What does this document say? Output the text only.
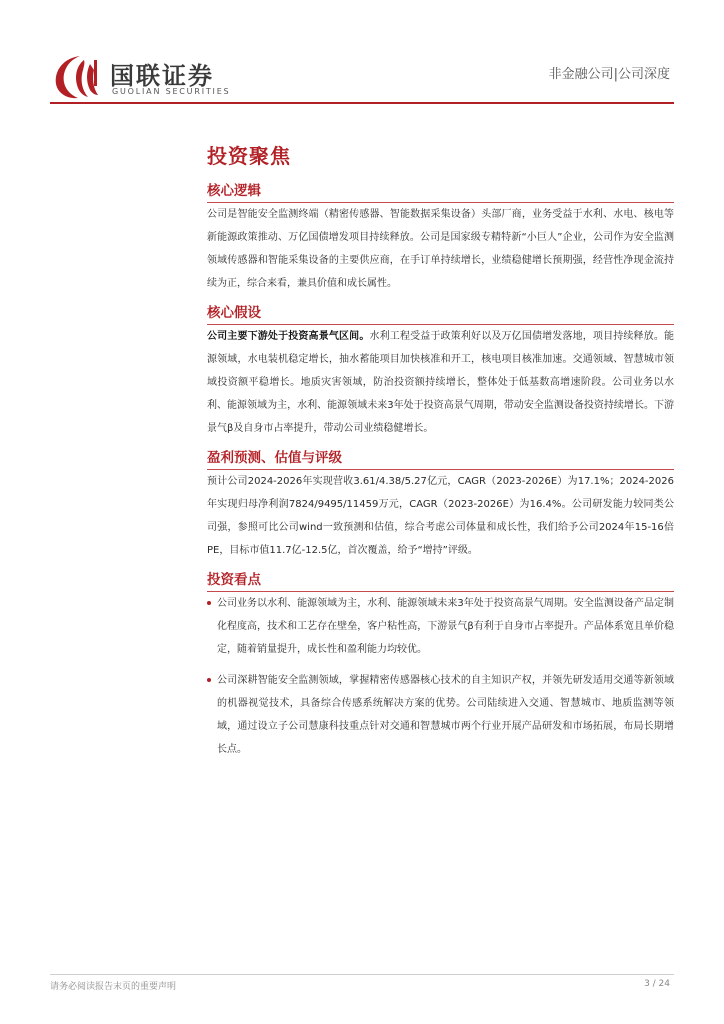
国联证券
GUOLIAN SECURITIES
非金融公司|公司深度
投资聚焦
核心逻辑

公司是智能安全监测终端（精密传感器、智能数据采集设备）头部厂商，业务受益于水利、水电、核电等新能源政策推动、万亿国债增发项目持续释放。公司是国家级专精特新“小巨人”企业，公司作为安全监测领域传感器和智能采集设备的主要供应商，在手订单持续增长，业绩稳健增长预期强，经营性净现金流持续为正，综合来看，兼具价值和成长属性。

核心假设

公司主要下游处于投资高景气区间。水利工程受益于政策利好以及万亿国债增发落地，项目持续释放。能源领域，水电装机稳定增长，抽水蓄能项目加快核准和开工，核电项目核准加速。交通领域、智慧城市领域投资额平稳增长。地质灾害领域，防治投资额持续增长，整体处于低基数高增速阶段。公司业务以水利、能源领域为主，水利、能源领域未来3年处于投资高景气周期，带动安全监测设备投资持续增长。下游景气β及自身市占率提升，带动公司业绩稳健增长。

盈利预测、估值与评级

预计公司2024-2026年实现营收3.61/4.38/5.27亿元，CAGR（2023-2026E）为17.1%；2024-2026年实现归母净利润7824/9495/11459万元，CAGR（2023-2026E）为16.4%。公司研发能力较同类公司强，参照可比公司wind一致预测和估值，综合考虑公司体量和成长性，我们给予公司2024年15-16倍PE，目标市值11.7亿-12.5亿，首次覆盖，给予“增持”评级。

投资看点
公司业务以水利、能源领域为主，水利、能源领域未来3年处于投资高景气周期。安全监测设备产品定制化程度高，技术和工艺存在壁垒，客户粘性高，下游景气β有利于自身市占率提升。产品体系宽且单价稳定，随着销量提升，成长性和盈利能力均较优。
公司深耕智能安全监测领域，掌握精密传感器核心技术的自主知识产权，并领先研发适用交通等新领域的机器视觉技术，具备综合传感系统解决方案的优势。公司陆续进入交通、智慧城市、地质监测等领域，通过设立子公司慧康科技重点针对交通和智慧城市两个行业开展产品研发和市场拓展，布局长期增长点。
请务必阅读报告末页的重要声明	3 / 24
